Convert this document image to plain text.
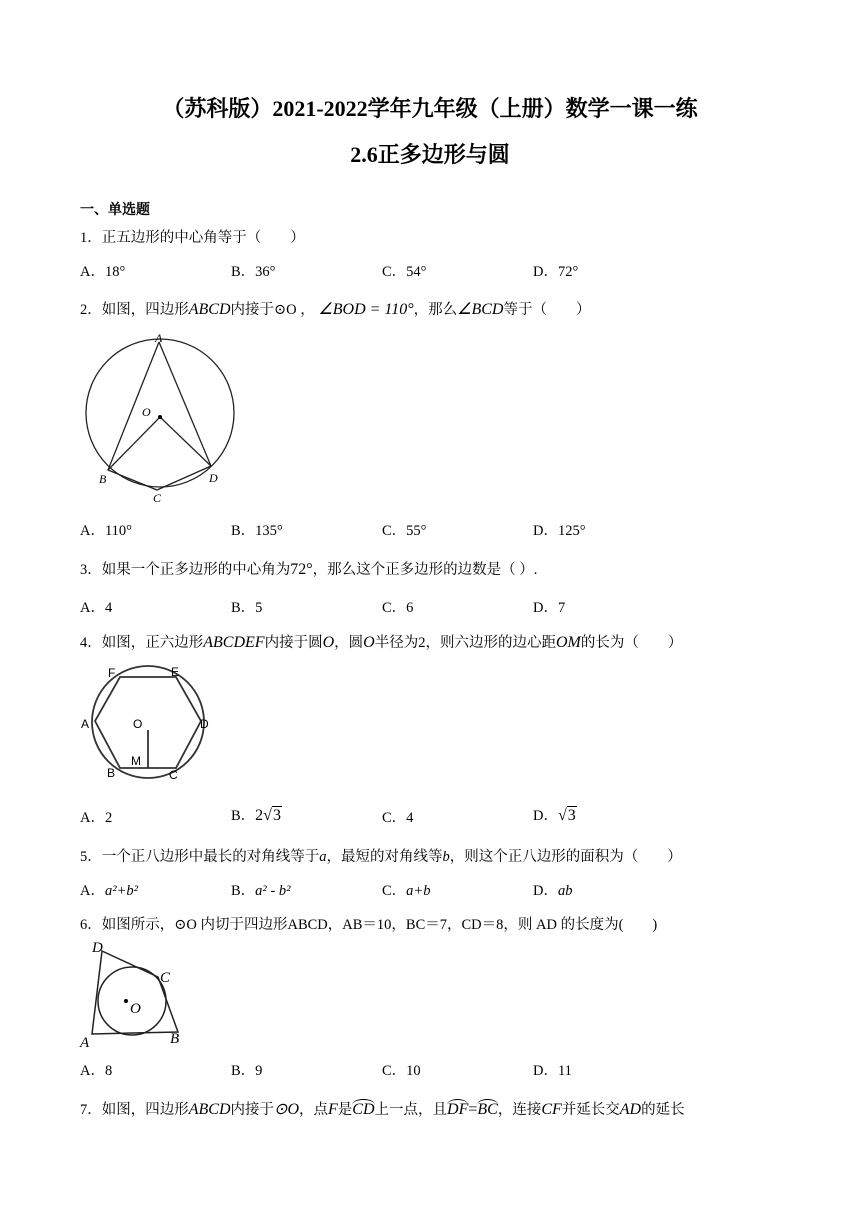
（苏科版）2021-2022学年九年级（上册）数学一课一练
2.6正多边形与圆
一、单选题
1．正五边形的中心角等于（　　）
A．18°	B．36°	C．54°	D．72°
2．如图，四边形ABCD内接于⊙O ， ∠BOD = 110°，那么∠BCD等于（　　）
A
O
B
C
D
A．110°	B．135°	C．55°	D．125°
3．如果一个正多边形的中心角为72°，那么这个正多边形的边数是（ ）.
A．4	B．5	C．6	D．7
4．如图，正六边形ABCDEF内接于圆O，圆O半径为2，则六边形的边心距OM的长为（　　）
F	E
A	O	D
B
M
C
A．2	B．2√3	C．4	D．√3
5．一个正八边形中最长的对角线等于a，最短的对角线等b，则这个正八边形的面积为（　　）
A．a²+b²	B．a² - b²	C．a+b	D．ab
6．如图所示，⊙O 内切于四边形ABCD，AB＝10，BC＝7，CD＝8，则 AD 的长度为(　　)
D
C
O
A	B
A．8	B．9	C．10	D．11
7．如图，四边形ABCD内接于⊙O，点F是CD上一点，且DF=BC，连接CF并延长交AD的延长
